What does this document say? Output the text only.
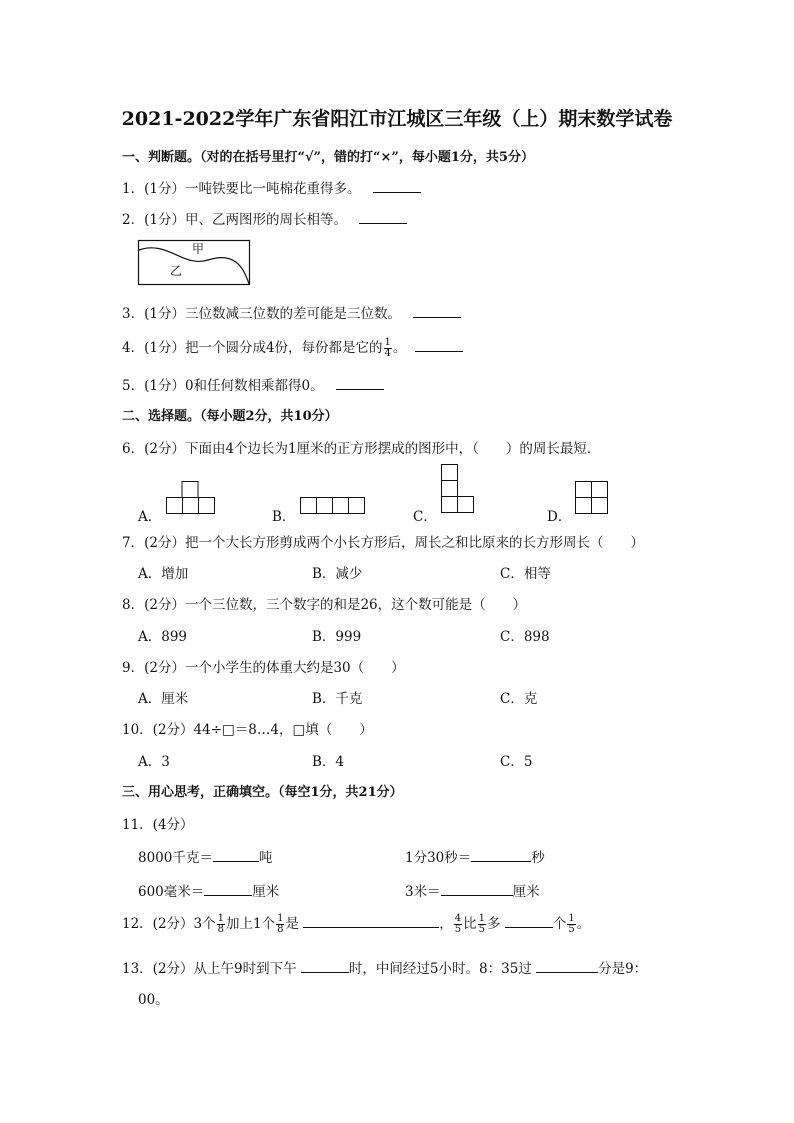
2021-2022学年广东省阳江市江城区三年级（上）期末数学试卷
一、判断题。（对的在括号里打“√”，错的打“×”，每小题1分，共5分）
1．(1分）一吨铁要比一吨棉花重得多。
2．(1分）甲、乙两图形的周长相等。
甲
乙
3．(1分）三位数减三位数的差可能是三位数。
4．(1分）把一个圆分成4份，每份都是它的 $\frac{1}{4}$ 。
5．(1分）0和任何数相乘都得0。
二、选择题。（每小题2分，共10分）
6．(2分）下面由4个边长为1厘米的正方形摆成的图形中，（　　）的周长最短．
A．	B．	C．	D．
7．(2分）把一个大长方形剪成两个小长方形后，周长之和比原来的长方形周长（　　）
A．增加	B．减少	C．相等
8．(2分）一个三位数，三个数字的和是26，这个数可能是（　　）
A．899	B．999	C．898
9．(2分）一个小学生的体重大约是30（　　）
A．厘米	B．千克	C．克
10．(2分）44÷□＝8…4，□填（　　）
A．3	B．4	C．5
三、用心思考，正确填空。（每空1分，共21分）
11．(4分）
8000千克＝	吨	1分30秒＝	秒
600毫米＝	厘米	3米＝	厘米
12．(2分）3个 $\frac{1}{8}$ 加上1个 $\frac{1}{8}$ 是	， $\frac{4}{5}$ 比 $\frac{1}{5}$ 多	个 $\frac{1}{5}$ 。
13．(2分）从上午9时到下午	时，中间经过5小时。8：35过	分是9：
00。
